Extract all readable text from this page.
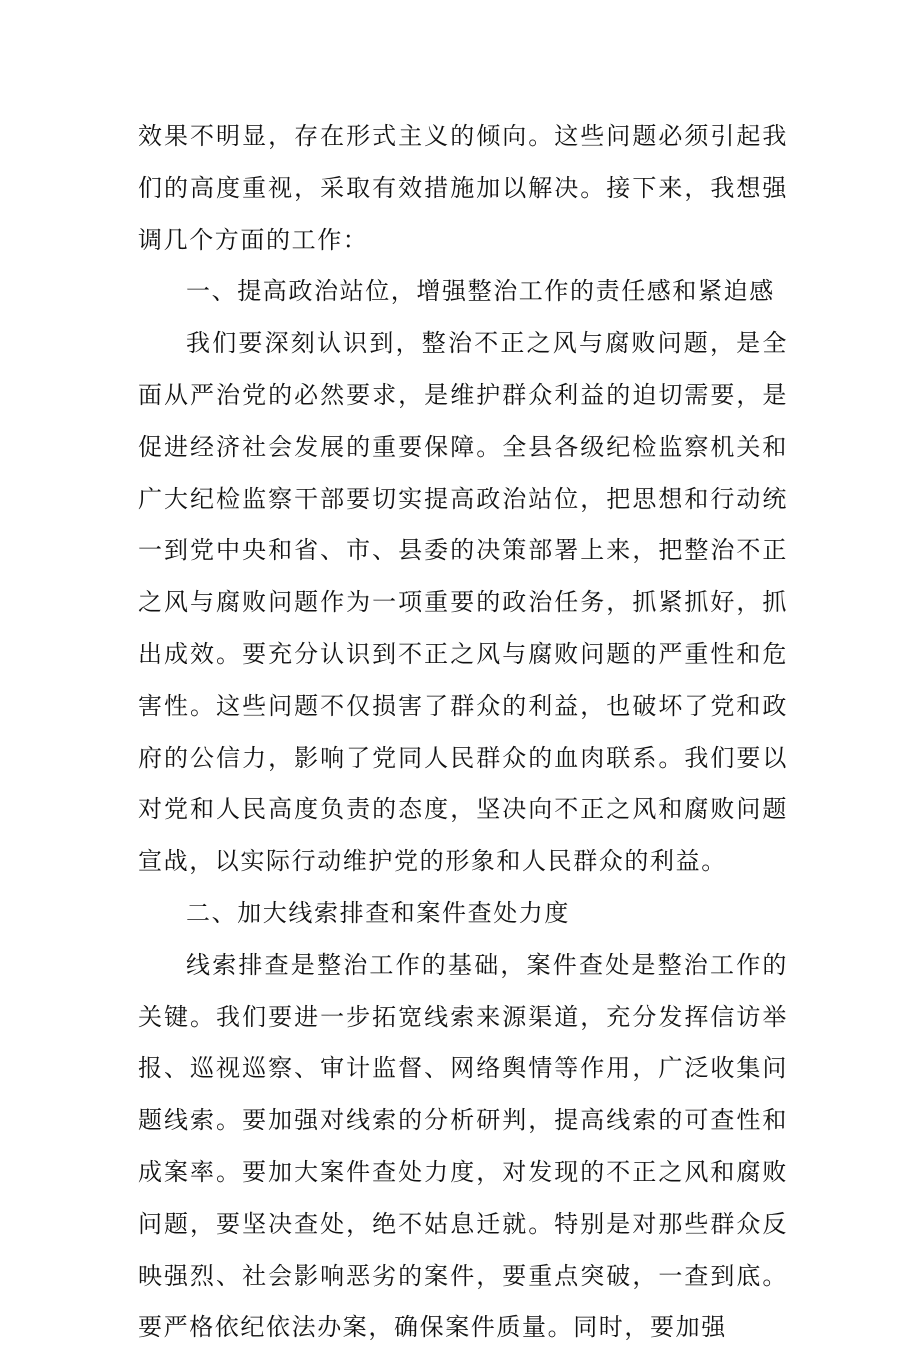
效果不明显，存在形式主义的倾向。这些问题必须引起我们的高度重视，采取有效措施加以解决。接下来，我想强调几个方面的工作：

一、提高政治站位，增强整治工作的责任感和紧迫感

我们要深刻认识到，整治不正之风与腐败问题，是全面从严治党的必然要求，是维护群众利益的迫切需要，是促进经济社会发展的重要保障。全县各级纪检监察机关和广大纪检监察干部要切实提高政治站位，把思想和行动统一到党中央和省、市、县委的决策部署上来，把整治不正之风与腐败问题作为一项重要的政治任务，抓紧抓好，抓出成效。要充分认识到不正之风与腐败问题的严重性和危害性。这些问题不仅损害了群众的利益，也破坏了党和政府的公信力，影响了党同人民群众的血肉联系。我们要以对党和人民高度负责的态度，坚决向不正之风和腐败问题宣战，以实际行动维护党的形象和人民群众的利益。

二、加大线索排查和案件查处力度

线索排查是整治工作的基础，案件查处是整治工作的关键。我们要进一步拓宽线索来源渠道，充分发挥信访举报、巡视巡察、审计监督、网络舆情等作用，广泛收集问题线索。要加强对线索的分析研判，提高线索的可查性和成案率。要加大案件查处力度，对发现的不正之风和腐败问题，要坚决查处，绝不姑息迁就。特别是对那些群众反映强烈、社会影响恶劣的案件，要重点突破，一查到底。要严格依纪依法办案，确保案件质量。同时，要加强
